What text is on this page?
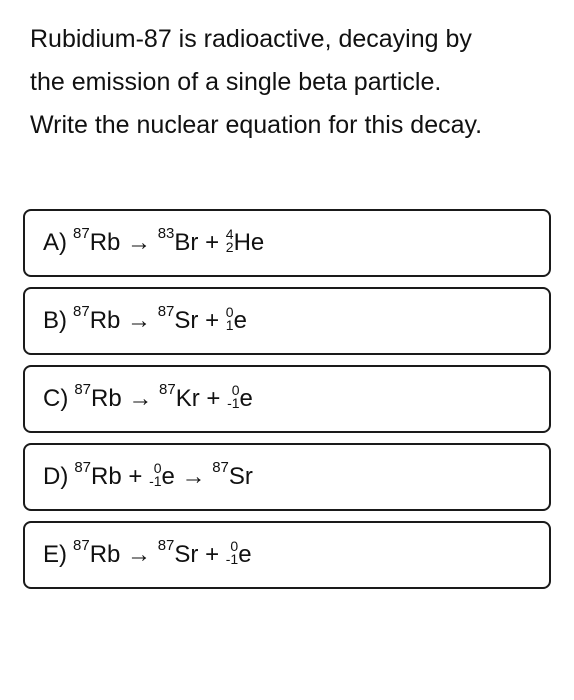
Rubidium-87 is radioactive, decaying by
the emission of a single beta particle.
Write the nuclear equation for this decay.
A) $^{87}$ Rb
→
$^{83}$ Br
+
4
2 He
B) $^{87}$ Rb
→
$^{87}$ Sr
+
0
1 e
C) $^{87}$ Rb
→
$^{87}$ Kr
+
0
-1 e
D) $^{87}$ Rb
+
0
-1 e
→
$^{87}$ Sr
E) $^{87}$ Rb
→
$^{87}$ Sr
+
0
-1 e
